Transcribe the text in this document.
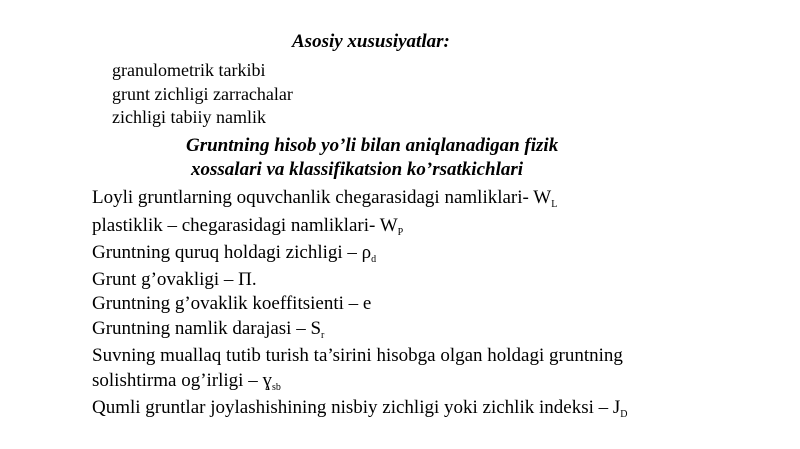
Asosiy xususiyatlar:
granulometrik tarkibi
grunt zichligi zarrachalar
zichligi tabiiy namlik
Gruntning hisob yo’li bilan aniqlanadigan fizik
xossalari va klassifikatsion ko’rsatkichlari
Loyli gruntlarning oquvchanlik chegarasidagi namliklari- $W_L$
plastiklik – chegarasidagi namliklari- $W_P$
Gruntning quruq holdagi zichligi – $\rho_d$
Grunt g’ovakligi – П.
Gruntning g’ovaklik koeffitsienti – e
Gruntning namlik darajasi – $S_r$
Suvning muallaq tutib turish ta’sirini hisobga olgan holdagi gruntning
solishtirma og’irligi – ɣ$_{sb}$
Qumli gruntlar joylashishining nisbiy zichligi yoki zichlik indeksi – $J_D$
